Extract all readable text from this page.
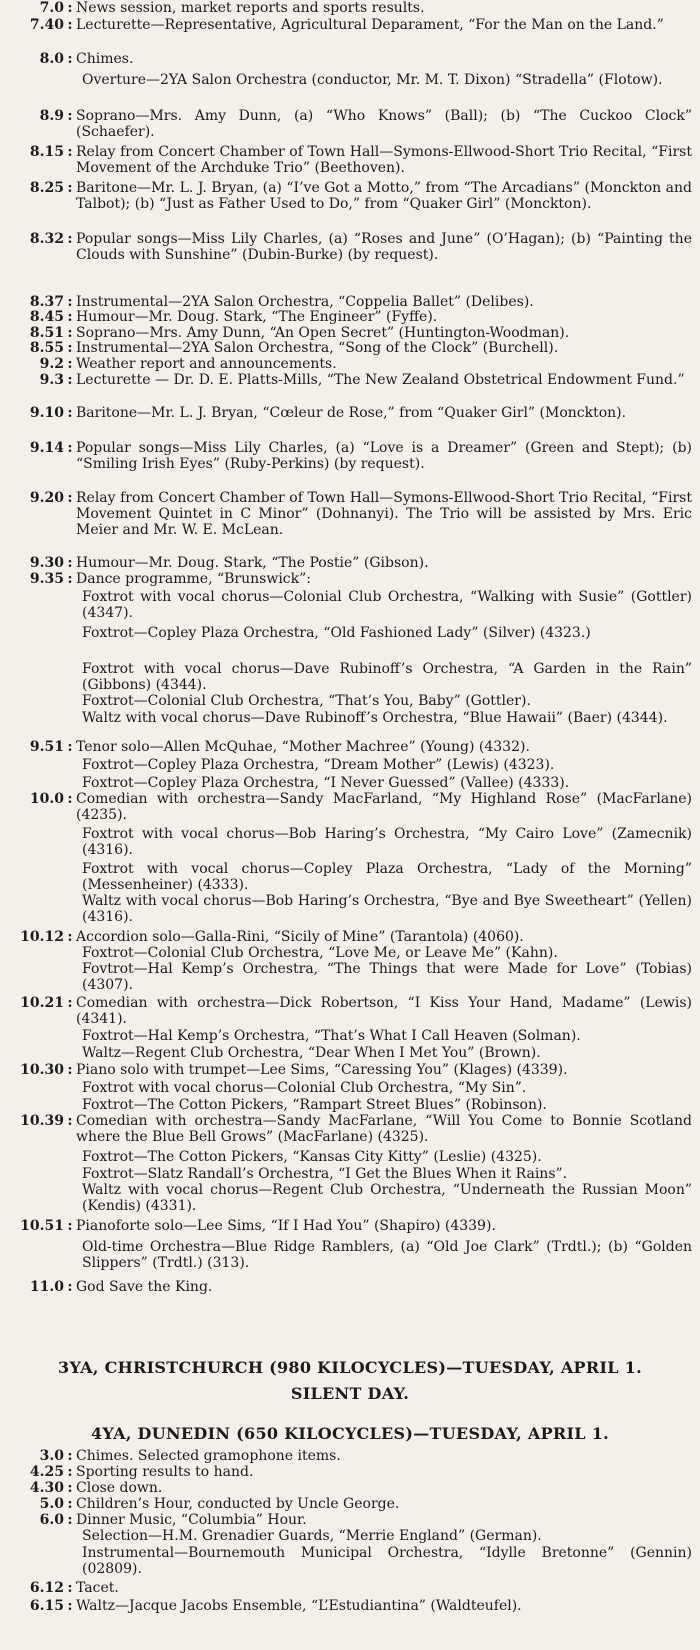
7.0 : News session, market reports and sports results.
7.40 : Lecturette—Representative, Agricultural Deparament, “For the Man on the Land.”
8.0 : Chimes.
Overture—2YA Salon Orchestra (conductor, Mr. M. T. Dixon) “Stradella” (Flotow).
8.9 : Soprano—Mrs. Amy Dunn, (a) “Who Knows” (Ball); (b) “The Cuckoo Clock” (Schaefer).
8.15 : Relay from Concert Chamber of Town Hall—Symons-Ellwood-Short Trio Recital, “First Movement of the Archduke Trio” (Beethoven).
8.25 : Baritone—Mr. L. J. Bryan, (a) “I’ve Got a Motto,” from “The Arcadians” (Monckton and Talbot); (b) “Just as Father Used to Do,” from “Quaker Girl” (Monckton).
8.32 : Popular songs—Miss Lily Charles, (a) “Roses and June” (O’Hagan); (b) “Painting the Clouds with Sunshine” (Dubin-Burke) (by request).
8.37 : Instrumental—2YA Salon Orchestra, “Coppelia Ballet” (Delibes).
8.45 : Humour—Mr. Doug. Stark, “The Engineer” (Fyffe).
8.51 : Soprano—Mrs. Amy Dunn, “An Open Secret” (Huntington-Woodman).
8.55 : Instrumental—2YA Salon Orchestra, “Song of the Clock” (Burchell).
9.2 : Weather report and announcements.
9.3 : Lecturette — Dr. D. E. Platts-Mills, “The New Zealand Obstetrical Endowment Fund.”
9.10 : Baritone—Mr. L. J. Bryan, “Cœleur de Rose,” from “Quaker Girl” (Monckton).
9.14 : Popular songs—Miss Lily Charles, (a) “Love is a Dreamer” (Green and Stept); (b) “Smiling Irish Eyes” (Ruby-Perkins) (by request).
9.20 : Relay from Concert Chamber of Town Hall—Symons-Ellwood-Short Trio Recital, “First Movement Quintet in C Minor” (Dohnanyi). The Trio will be assisted by Mrs. Eric Meier and Mr. W. E. McLean.
9.30 : Humour—Mr. Doug. Stark, “The Postie” (Gibson).
9.35 : Dance programme, “Brunswick”:
Foxtrot with vocal chorus—Colonial Club Orchestra, “Walking with Susie” (Gottler) (4347).
Foxtrot—Copley Plaza Orchestra, “Old Fashioned Lady” (Silver) (4323.)
Foxtrot with vocal chorus—Dave Rubinoff’s Orchestra, “A Garden in the Rain” (Gibbons) (4344).
Foxtrot—Colonial Club Orchestra, “That’s You, Baby” (Gottler).
Waltz with vocal chorus—Dave Rubinoff’s Orchestra, “Blue Hawaii” (Baer) (4344).
9.51 : Tenor solo—Allen McQuhae, “Mother Machree” (Young) (4332).
Foxtrot—Copley Plaza Orchestra, “Dream Mother” (Lewis) (4323).
Foxtrot—Copley Plaza Orchestra, “I Never Guessed” (Vallee) (4333).
10.0 : Comedian with orchestra—Sandy MacFarland, “My Highland Rose” (MacFarlane) (4235).
Foxtrot with vocal chorus—Bob Haring’s Orchestra, “My Cairo Love” (Zamecnik) (4316).
Foxtrot with vocal chorus—Copley Plaza Orchestra, “Lady of the Morning” (Messenheiner) (4333).
Waltz with vocal chorus—Bob Haring’s Orchestra, “Bye and Bye Sweetheart” (Yellen) (4316).
10.12 : Accordion solo—Galla-Rini, “Sicily of Mine” (Tarantola) (4060).
Foxtrot—Colonial Club Orchestra, “Love Me, or Leave Me” (Kahn).
Fovtrot—Hal Kemp’s Orchestra, “The Things that were Made for Love” (Tobias) (4307).
10.21 : Comedian with orchestra—Dick Robertson, “I Kiss Your Hand, Madame” (Lewis) (4341).
Foxtrot—Hal Kemp’s Orchestra, “That’s What I Call Heaven (Solman).
Waltz—Regent Club Orchestra, “Dear When I Met You” (Brown).
10.30 : Piano solo with trumpet—Lee Sims, “Caressing You” (Klages) (4339).
Foxtrot with vocal chorus—Colonial Club Orchestra, “My Sin”.
Foxtrot—The Cotton Pickers, “Rampart Street Blues” (Robinson).
10.39 : Comedian with orchestra—Sandy MacFarlane, “Will You Come to Bonnie Scotland where the Blue Bell Grows” (MacFarlane) (4325).
Foxtrot—The Cotton Pickers, “Kansas City Kitty” (Leslie) (4325).
Foxtrot—Slatz Randall’s Orchestra, “I Get the Blues When it Rains”.
Waltz with vocal chorus—Regent Club Orchestra, “Underneath the Russian Moon” (Kendis) (4331).
10.51 : Pianoforte solo—Lee Sims, “If I Had You” (Shapiro) (4339).
Old-time Orchestra—Blue Ridge Ramblers, (a) “Old Joe Clark” (Trdtl.); (b) “Golden Slippers” (Trdtl.) (313).
11.0 : God Save the King.
3YA, CHRISTCHURCH (980 KILOCYCLES)—TUESDAY, APRIL 1.
SILENT DAY.
4YA, DUNEDIN (650 KILOCYCLES)—TUESDAY, APRIL 1.
3.0 : Chimes. Selected gramophone items.
4.25 : Sporting results to hand.
4.30 : Close down.
5.0 : Children’s Hour, conducted by Uncle George.
6.0 : Dinner Music, “Columbia” Hour.
Selection—H.M. Grenadier Guards, “Merrie England” (German).
Instrumental—Bournemouth Municipal Orchestra, “Idylle Bretonne” (Gennin) (02809).
6.12 : Tacet.
6.15 : Waltz—Jacque Jacobs Ensemble, “L’Estudiantina” (Waldteufel).
